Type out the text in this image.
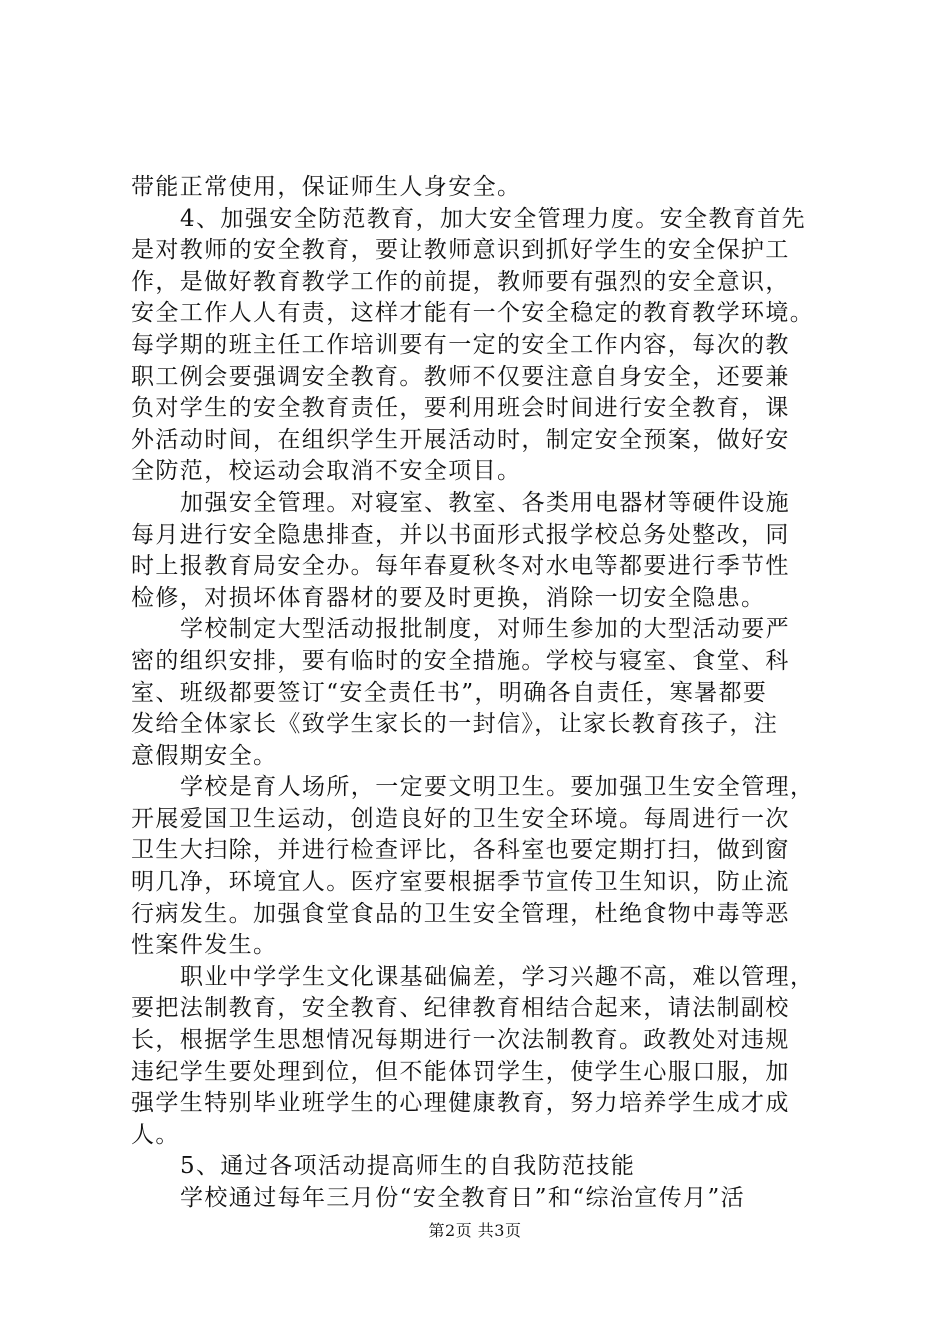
带能正常使用，保证师生人身安全。
4、加强安全防范教育，加大安全管理力度。安全教育首先
是对教师的安全教育，要让教师意识到抓好学生的安全保护工
作，是做好教育教学工作的前提，教师要有强烈的安全意识，
安全工作人人有责，这样才能有一个安全稳定的教育教学环境。
每学期的班主任工作培训要有一定的安全工作内容，每次的教
职工例会要强调安全教育。教师不仅要注意自身安全，还要兼
负对学生的安全教育责任，要利用班会时间进行安全教育，课
外活动时间，在组织学生开展活动时，制定安全预案，做好安
全防范，校运动会取消不安全项目。
加强安全管理。对寝室、教室、各类用电器材等硬件设施
每月进行安全隐患排查，并以书面形式报学校总务处整改，同
时上报教育局安全办。每年春夏秋冬对水电等都要进行季节性
检修，对损坏体育器材的要及时更换，消除一切安全隐患。
学校制定大型活动报批制度，对师生参加的大型活动要严
密的组织安排，要有临时的安全措施。学校与寝室、食堂、科
室、班级都要签订“安全责任书”，明确各自责任，寒暑都要
发给全体家长《致学生家长的一封信》，让家长教育孩子，注
意假期安全。
学校是育人场所，一定要文明卫生。要加强卫生安全管理，
开展爱国卫生运动，创造良好的卫生安全环境。每周进行一次
卫生大扫除，并进行检查评比，各科室也要定期打扫，做到窗
明几净，环境宜人。医疗室要根据季节宣传卫生知识，防止流
行病发生。加强食堂食品的卫生安全管理，杜绝食物中毒等恶
性案件发生。
职业中学学生文化课基础偏差，学习兴趣不高，难以管理，
要把法制教育，安全教育、纪律教育相结合起来，请法制副校
长，根据学生思想情况每期进行一次法制教育。政教处对违规
违纪学生要处理到位，但不能体罚学生，使学生心服口服，加
强学生特别毕业班学生的心理健康教育，努力培养学生成才成
人。
5、通过各项活动提高师生的自我防范技能
学校通过每年三月份“安全教育日”和“综治宣传月”活
第2页 共3页
